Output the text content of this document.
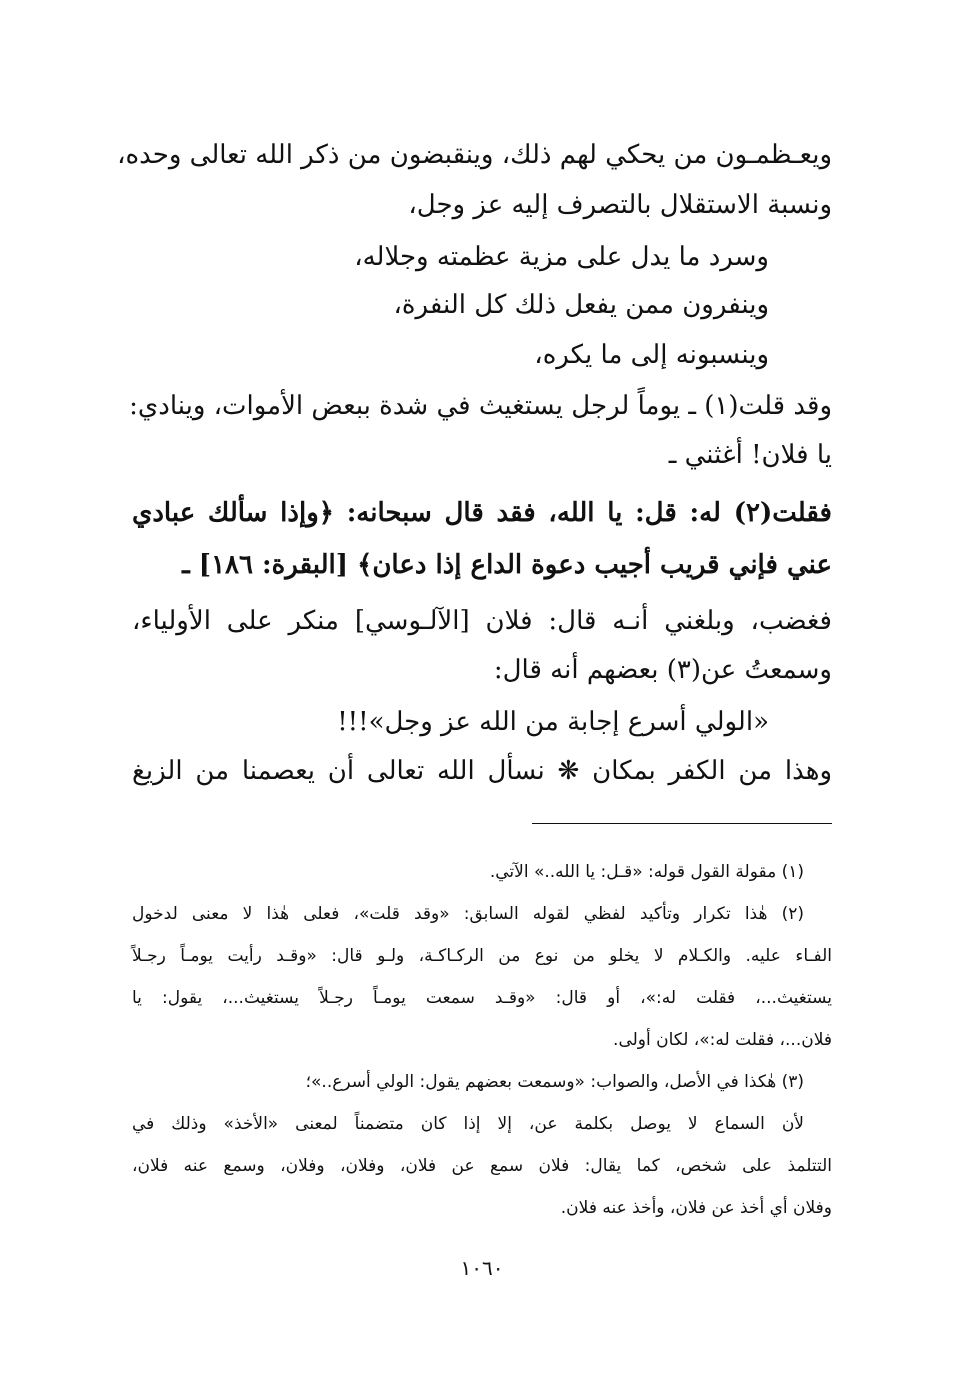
ويعـظمـون من يحكي لهم ذلك، وينقبضون من ذكر الله تعالى وحده،
ونسبة الاستقلال بالتصرف إليه عز وجل،
وسرد ما يدل على مزية عظمته وجلاله،
وينفرون ممن يفعل ذلك كل النفرة،
وينسبونه إلى ما يكره،
وقد قلت(١) ـ يوماً لرجل يستغيث في شدة ببعض الأموات، وينادي:
يا فلان! أغثني ـ
فقلت(٢) له: قل: يا الله، فقد قال سبحانه: ﴿وإذا سألك عبادي
عني فإني قريب أجيب دعوة الداع إذا دعان﴾ [البقرة: ١٨٦] ـ
فغضب، وبلغني أنـه قال: فلان [الآلـوسي] منكر على الأولياء،
وسمعتُ عن(٣) بعضهم أنه قال:
«الولي أسرع إجابة من الله عز وجل»!!!
وهذا من الكفر بمكان ❋ نسأل الله تعالى أن يعصمنا من الزيغ
(١) مقولة القول قوله: «قـل: يا الله..» الآتي.
(٢) هٰذا تكرار وتأكيد لفظي لقوله السابق: «وقد قلت»، فعلى هٰذا لا معنى لدخول
الفـاء عليه. والكـلام لا يخلو من نوع من الركـاكـة، ولـو قال: «وقـد رأيت يومـاً رجـلاً
يستغيث...، فقلت له:»، أو قال: «وقـد سمعت يومـاً رجـلاً يستغيث...، يقول: يا
فلان...، فقلت له:»، لكان أولى.
(٣) هٰكذا في الأصل، والصواب: «وسمعت بعضهم يقول: الولي أسرع..»؛
لأن السماع لا يوصل بكلمة عن، إلا إذا كان متضمناً لمعنى «الأخذ» وذلك في
التتلمذ على شخص، كما يقال: فلان سمع عن فلان، وفلان، وفلان، وسمع عنه فلان،
وفلان أي أخذ عن فلان، وأخذ عنه فلان.
١٠٦٠
